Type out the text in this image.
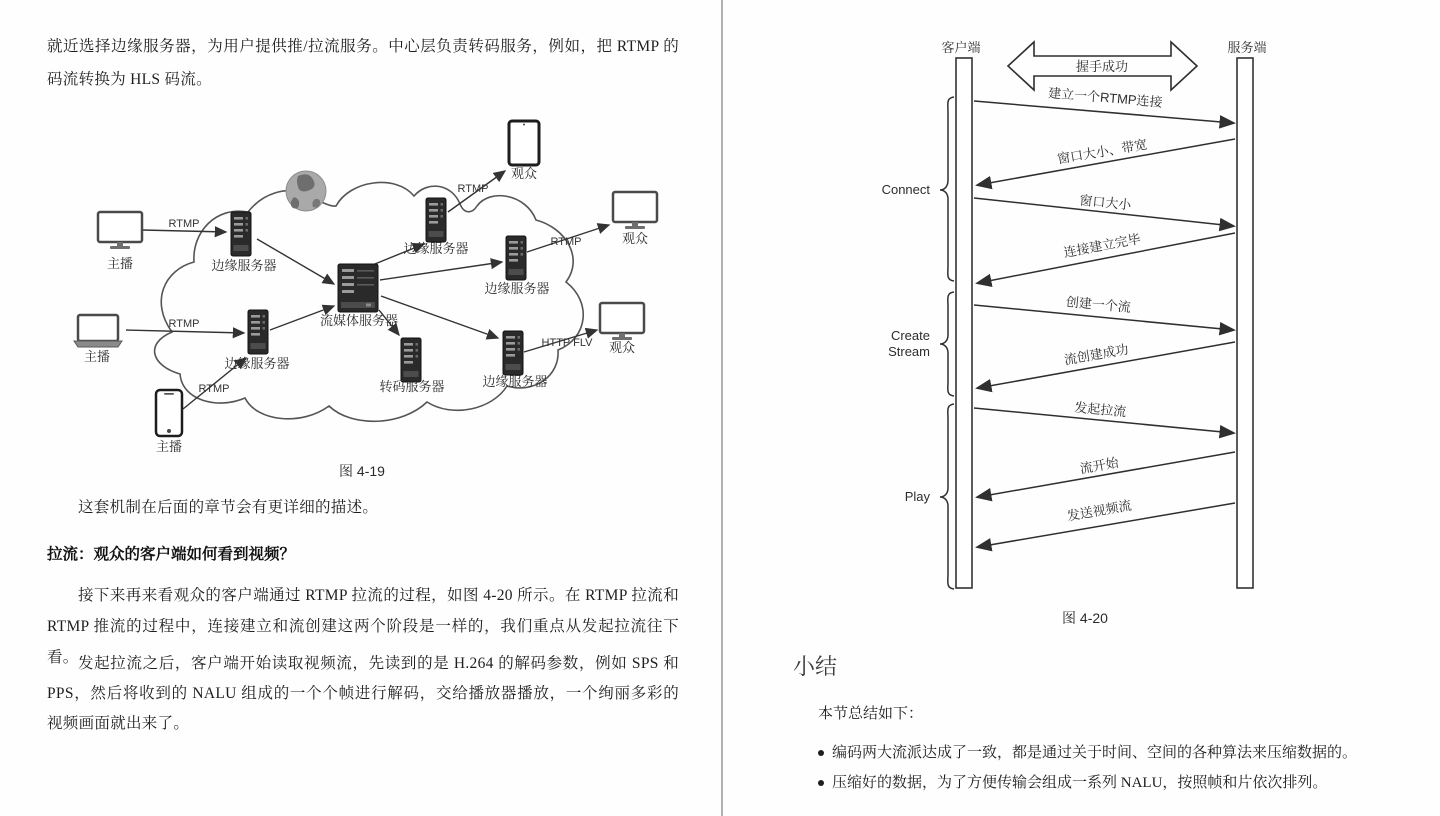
就近选择边缘服务器，为用户提供推/拉流服务。中心层负责转码服务，例如，把 RTMP 的码流转换为 HLS 码流。

主播
主播
主播
观众
观众
观众
边缘服务器
边缘服务器
边缘服务器
边缘服务器
边缘服务器
流媒体服务器
转码服务器
RTMP
RTMP
RTMP
RTMP
RTMP
HTTP FLV
图 4-19

这套机制在后面的章节会有更详细的描述。

拉流：观众的客户端如何看到视频？

接下来再来看观众的客户端通过 RTMP 拉流的过程，如图 4-20 所示。在 RTMP 拉流和 RTMP 推流的过程中，连接建立和流创建这两个阶段是一样的，我们重点从发起拉流往下看。 发起拉流之后，客户端开始读取视频流，先读到的是 H.264 的解码参数，例如 SPS 和 PPS，然后将收到的 NALU 组成的一个个帧进行解码，交给播放器播放，一个绚丽多彩的视频画面就出来了。

客户端	服务端
握手成功
建立一个RTMP连接
窗口大小、带宽
窗口大小
连接建立完毕
创建一个流
流创建成功
发起拉流
流开始
发送视频流
Connect
Create Stream
Play
图 4-20
小结
本节总结如下：
编码两大流派达成了一致，都是通过关于时间、空间的各种算法来压缩数据的。
压缩好的数据，为了方便传输会组成一系列 NALU，按照帧和片依次排列。
